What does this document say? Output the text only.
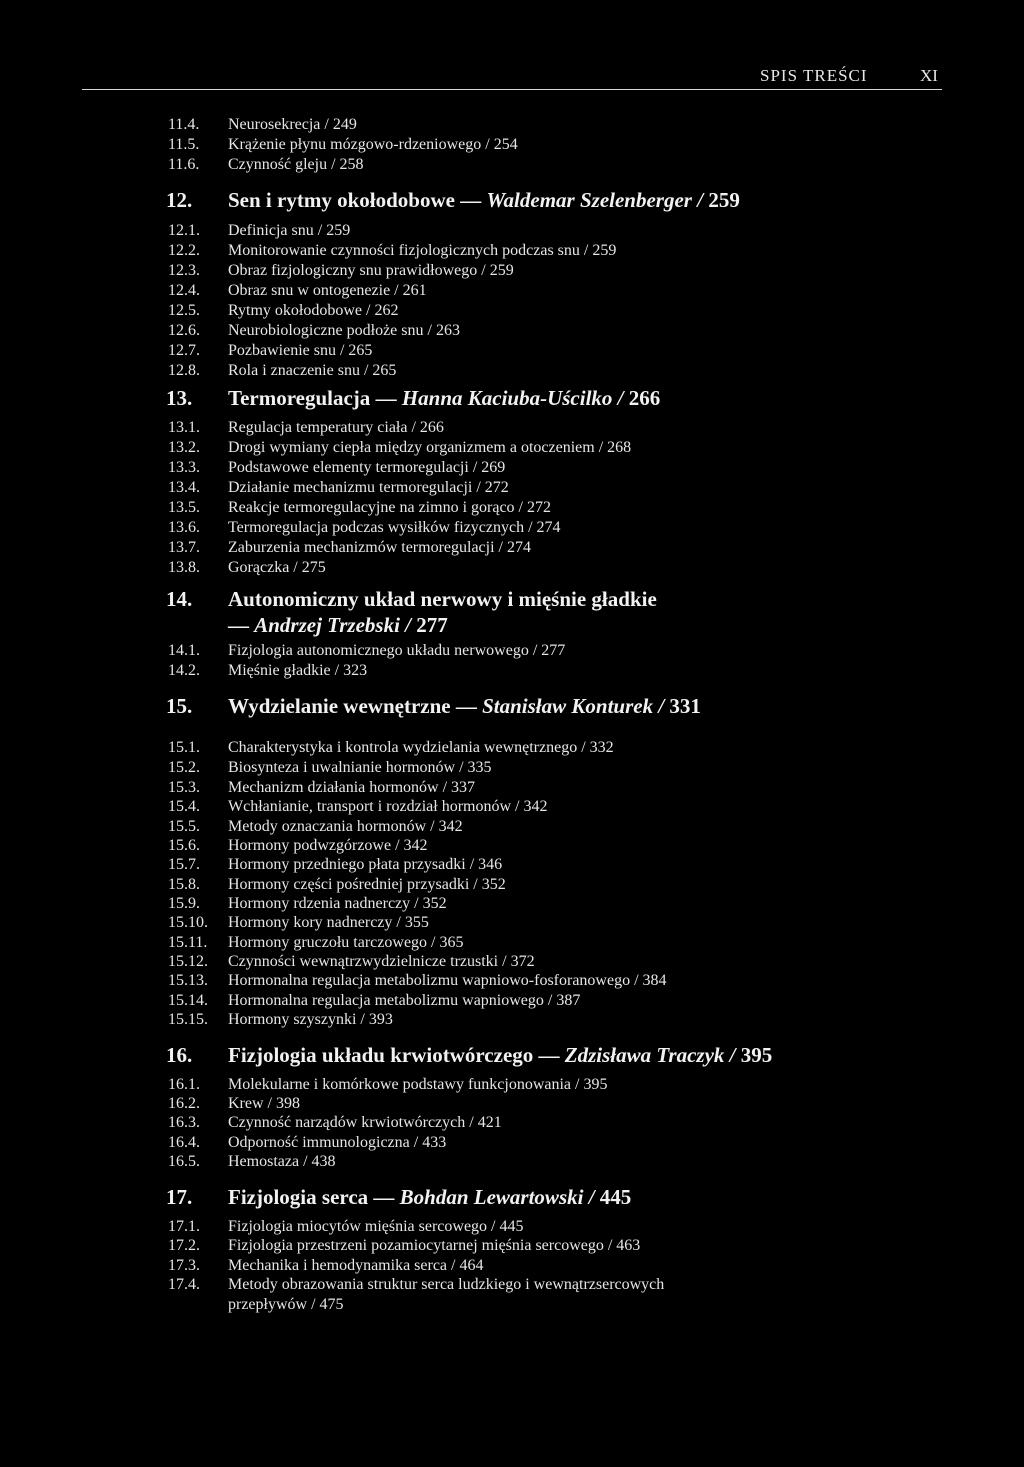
SPIS TREŚCI	XI
11.4. Neurosekrecja / 249
11.5. Krążenie płynu mózgowo-rdzeniowego / 254
11.6. Czynność gleju / 258
12. Sen i rytmy okołodobowe — Waldemar Szelenberger / 259
12.1. Definicja snu / 259
12.2. Monitorowanie czynności fizjologicznych podczas snu / 259
12.3. Obraz fizjologiczny snu prawidłowego / 259
12.4. Obraz snu w ontogenezie / 261
12.5. Rytmy okołodobowe / 262
12.6. Neurobiologiczne podłoże snu / 263
12.7. Pozbawienie snu / 265
12.8. Rola i znaczenie snu / 265
13. Termoregulacja — Hanna Kaciuba-Uścilko / 266
13.1. Regulacja temperatury ciała / 266
13.2. Drogi wymiany ciepła między organizmem a otoczeniem / 268
13.3. Podstawowe elementy termoregulacji / 269
13.4. Działanie mechanizmu termoregulacji / 272
13.5. Reakcje termoregulacyjne na zimno i gorąco / 272
13.6. Termoregulacja podczas wysiłków fizycznych / 274
13.7. Zaburzenia mechanizmów termoregulacji / 274
13.8. Gorączka / 275
14. Autonomiczny układ nerwowy i mięśnie gładkie
— Andrzej Trzebski / 277
14.1. Fizjologia autonomicznego układu nerwowego / 277
14.2. Mięśnie gładkie / 323
15. Wydzielanie wewnętrzne — Stanisław Konturek / 331
15.1. Charakterystyka i kontrola wydzielania wewnętrznego / 332
15.2. Biosynteza i uwalnianie hormonów / 335
15.3. Mechanizm działania hormonów / 337
15.4. Wchłanianie, transport i rozdział hormonów / 342
15.5. Metody oznaczania hormonów / 342
15.6. Hormony podwzgórzowe / 342
15.7. Hormony przedniego płata przysadki / 346
15.8. Hormony części pośredniej przysadki / 352
15.9. Hormony rdzenia nadnerczy / 352
15.10. Hormony kory nadnerczy / 355
15.11. Hormony gruczołu tarczowego / 365
15.12. Czynności wewnątrzwydzielnicze trzustki / 372
15.13. Hormonalna regulacja metabolizmu wapniowo-fosforanowego / 384
15.14. Hormonalna regulacja metabolizmu wapniowego / 387
15.15. Hormony szyszynki / 393
16. Fizjologia układu krwiotwórczego — Zdzisława Traczyk / 395
16.1. Molekularne i komórkowe podstawy funkcjonowania / 395
16.2. Krew / 398
16.3. Czynność narządów krwiotwórczych / 421
16.4. Odporność immunologiczna / 433
16.5. Hemostaza / 438
17. Fizjologia serca — Bohdan Lewartowski / 445
17.1. Fizjologia miocytów mięśnia sercowego / 445
17.2. Fizjologia przestrzeni pozamiocytarnej mięśnia sercowego / 463
17.3. Mechanika i hemodynamika serca / 464
17.4. Metody obrazowania struktur serca ludzkiego i wewnątrzsercowych
przepływów / 475
